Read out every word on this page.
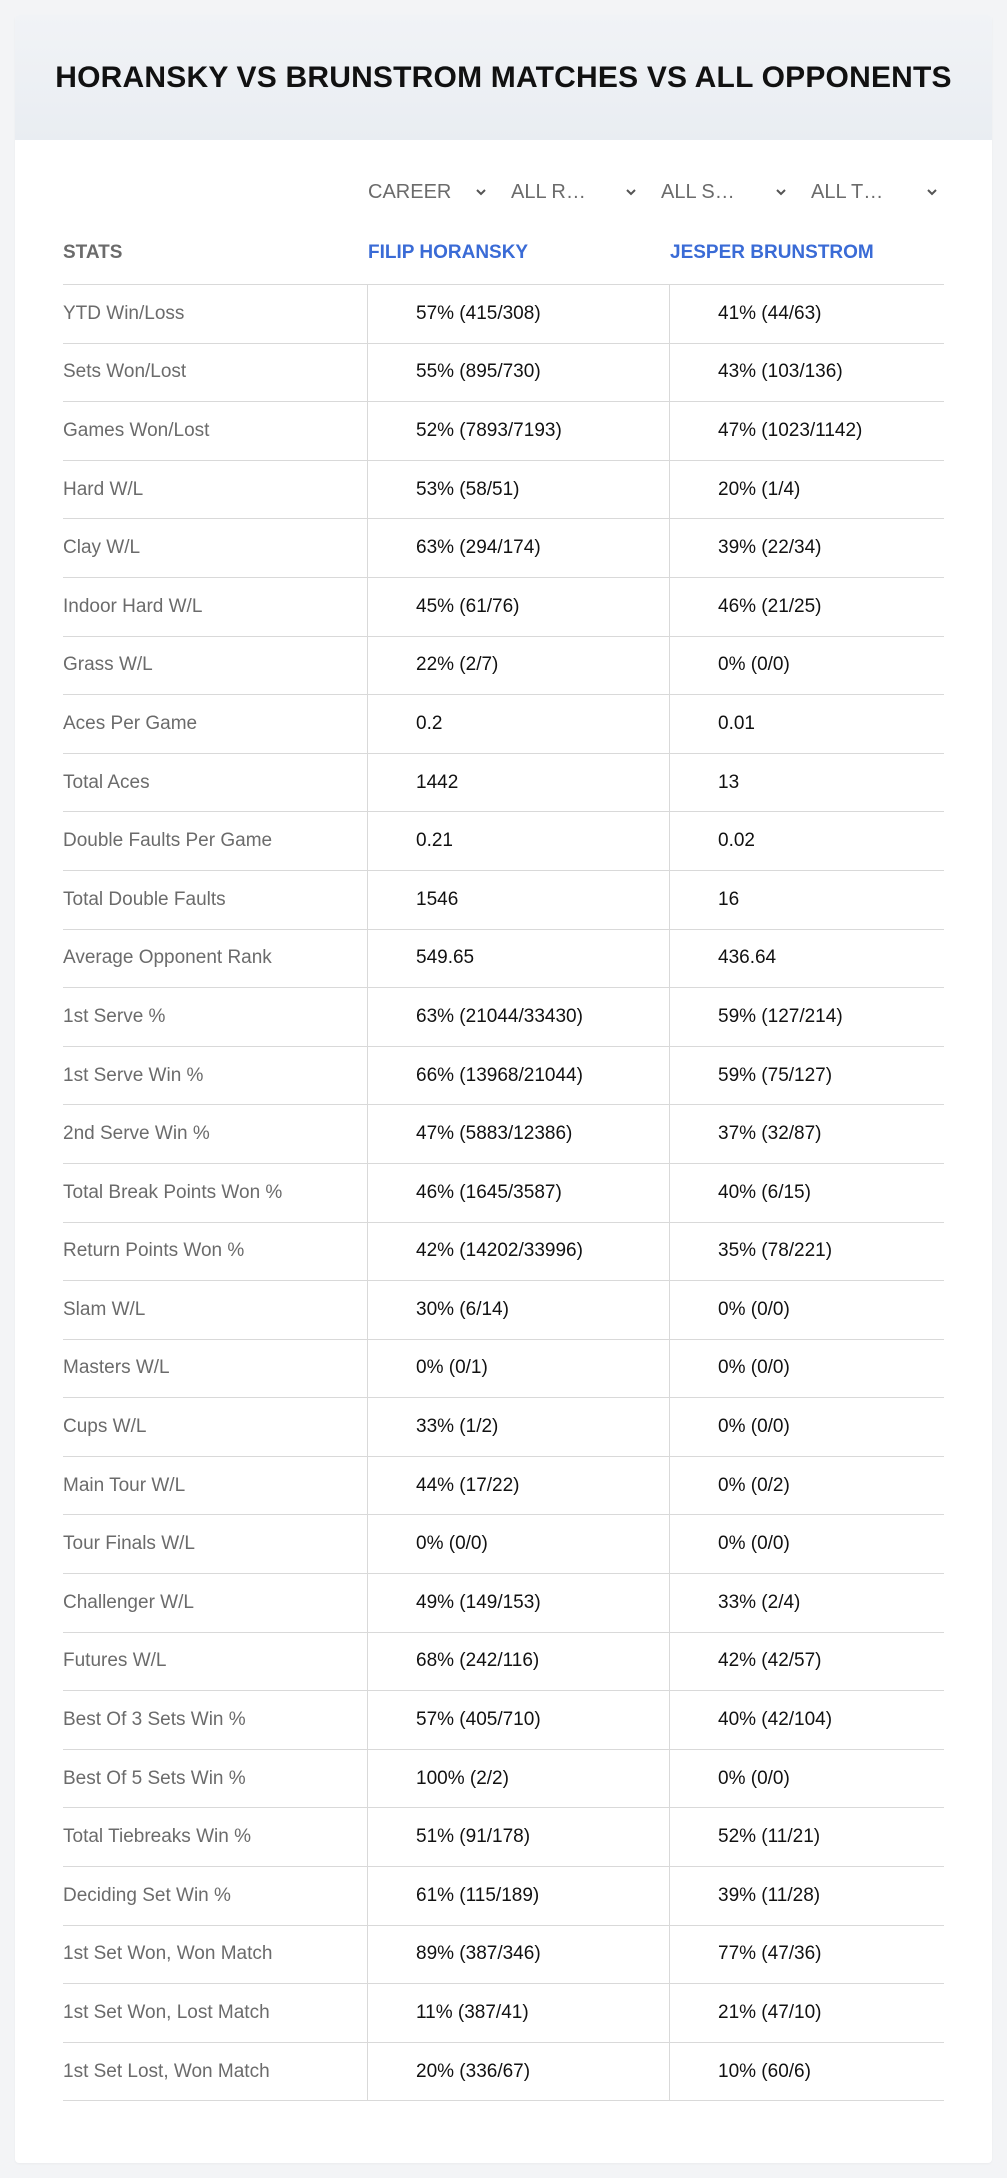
HORANSKY VS BRUNSTROM MATCHES VS ALL OPPONENTS
CAREER	ALL R…	ALL S…	ALL T…
STATS	FILIP HORANSKY	JESPER BRUNSTROM
YTD Win/Loss	57% (415/308)	41% (44/63)
Sets Won/Lost	55% (895/730)	43% (103/136)
Games Won/Lost	52% (7893/7193)	47% (1023/1142)
Hard W/L	53% (58/51)	20% (1/4)
Clay W/L	63% (294/174)	39% (22/34)
Indoor Hard W/L	45% (61/76)	46% (21/25)
Grass W/L	22% (2/7)	0% (0/0)
Aces Per Game	0.2	0.01
Total Aces	1442	13
Double Faults Per Game	0.21	0.02
Total Double Faults	1546	16
Average Opponent Rank	549.65	436.64
1st Serve %	63% (21044/33430)	59% (127/214)
1st Serve Win %	66% (13968/21044)	59% (75/127)
2nd Serve Win %	47% (5883/12386)	37% (32/87)
Total Break Points Won %	46% (1645/3587)	40% (6/15)
Return Points Won %	42% (14202/33996)	35% (78/221)
Slam W/L	30% (6/14)	0% (0/0)
Masters W/L	0% (0/1)	0% (0/0)
Cups W/L	33% (1/2)	0% (0/0)
Main Tour W/L	44% (17/22)	0% (0/2)
Tour Finals W/L	0% (0/0)	0% (0/0)
Challenger W/L	49% (149/153)	33% (2/4)
Futures W/L	68% (242/116)	42% (42/57)
Best Of 3 Sets Win %	57% (405/710)	40% (42/104)
Best Of 5 Sets Win %	100% (2/2)	0% (0/0)
Total Tiebreaks Win %	51% (91/178)	52% (11/21)
Deciding Set Win %	61% (115/189)	39% (11/28)
1st Set Won, Won Match	89% (387/346)	77% (47/36)
1st Set Won, Lost Match	11% (387/41)	21% (47/10)
1st Set Lost, Won Match	20% (336/67)	10% (60/6)
